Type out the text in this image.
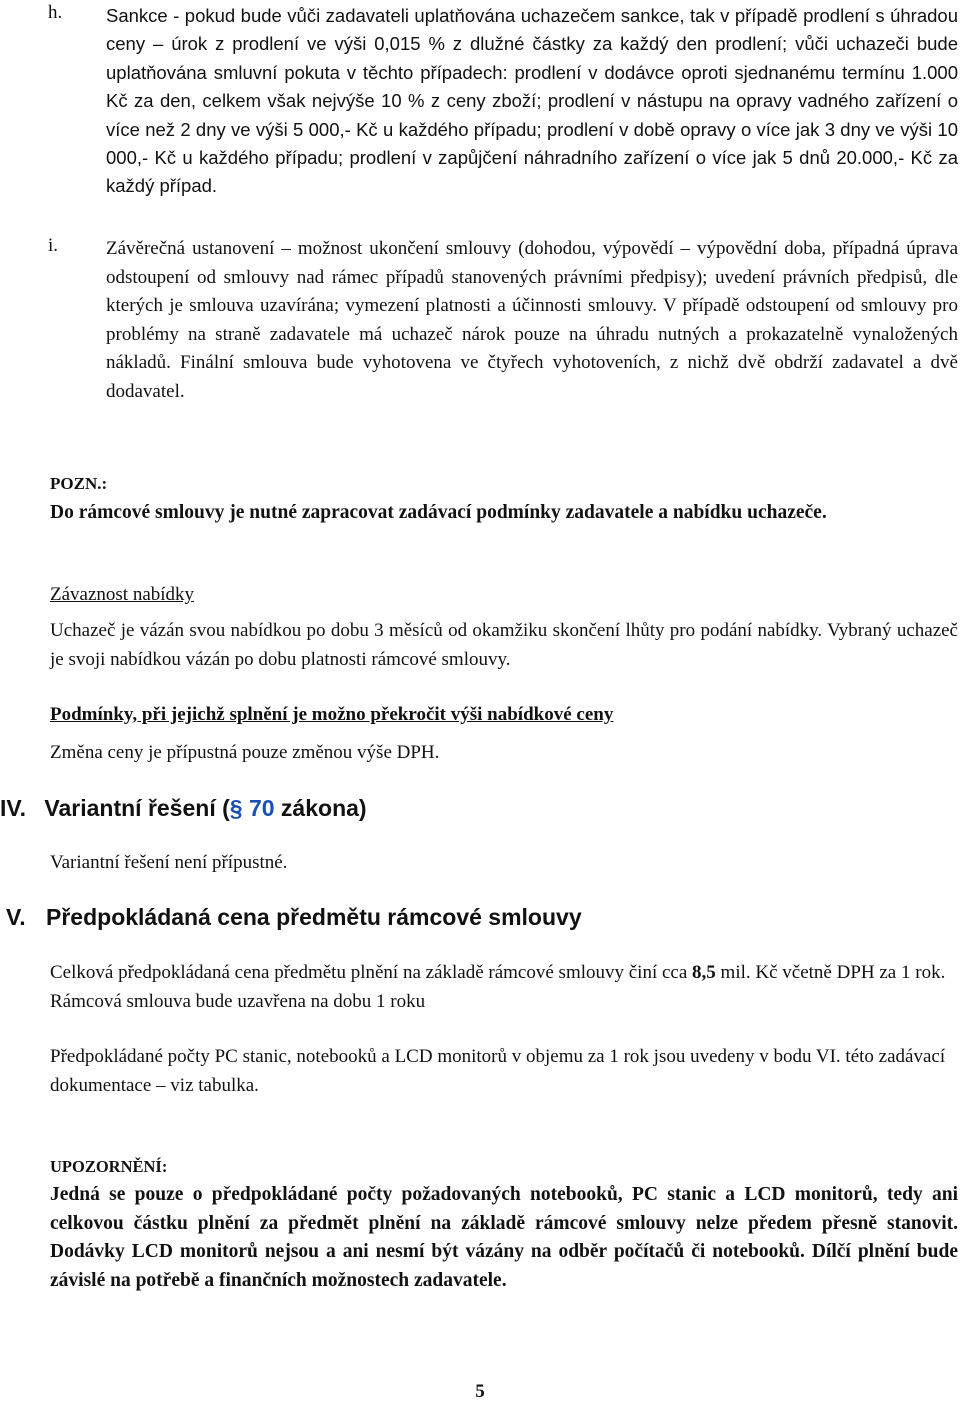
h. Sankce - pokud bude vůči zadavateli uplatňována uchazečem sankce, tak v případě prodlení s úhradou ceny – úrok z prodlení ve výši 0,015 % z dlužné částky za každý den prodlení; vůči uchazeči bude uplatňována smluvní pokuta v těchto případech: prodlení v dodávce oproti sjednanému termínu 1.000 Kč za den, celkem však nejvýše 10 % z ceny zboží; prodlení v nástupu na opravy vadného zařízení o více než 2 dny ve výši 5 000,- Kč u každého případu; prodlení v době opravy o více jak 3 dny ve výši 10 000,- Kč u každého případu; prodlení v zapůjčení náhradního zařízení o více jak 5 dnů 20.000,- Kč za každý případ.
i.	Závěrečná ustanovení – možnost ukončení smlouvy (dohodou, výpovědí – výpovědní doba, případná úprava odstoupení od smlouvy nad rámec případů stanovených právními předpisy); uvedení právních předpisů, dle kterých je smlouva uzavírána; vymezení platnosti a účinnosti smlouvy. V případě odstoupení od smlouvy pro problémy na straně zadavatele má uchazeč nárok pouze na úhradu nutných a prokazatelně vynaložených nákladů. Finální smlouva bude vyhotovena ve čtyřech vyhotoveních, z nichž dvě obdrží zadavatel a dvě dodavatel.
POZN.:
Do rámcové smlouvy je nutné zapracovat zadávací podmínky zadavatele a nabídku uchazeče.
Závaznost nabídky
Uchazeč je vázán svou nabídkou po dobu 3 měsíců od okamžiku skončení lhůty pro podání nabídky. Vybraný uchazeč je svoji nabídkou vázán po dobu platnosti rámcové smlouvy.
Podmínky, při jejichž splnění je možno překročit výši nabídkové ceny
Změna ceny je přípustná pouze změnou výše DPH.
IV. Variantní řešení (§ 70 zákona)
Variantní řešení není přípustné.
V. Předpokládaná cena předmětu rámcové smlouvy
Celková předpokládaná cena předmětu plnění na základě rámcové smlouvy činí cca 8,5 mil. Kč včetně DPH za 1 rok. Rámcová smlouva bude uzavřena na dobu 1 roku
Předpokládané počty PC stanic, notebooků a LCD monitorů v objemu za 1 rok jsou uvedeny v bodu VI. této zadávací dokumentace – viz tabulka.
UPOZORNĚNÍ:
Jedná se pouze o předpokládané počty požadovaných notebooků, PC stanic a LCD monitorů, tedy ani celkovou částku plnění za předmět plnění na základě rámcové smlouvy nelze předem přesně stanovit. Dodávky LCD monitorů nejsou a ani nesmí být vázány na odběr počítačů či notebooků. Dílčí plnění bude závislé na potřebě a finančních možnostech zadavatele.
5
